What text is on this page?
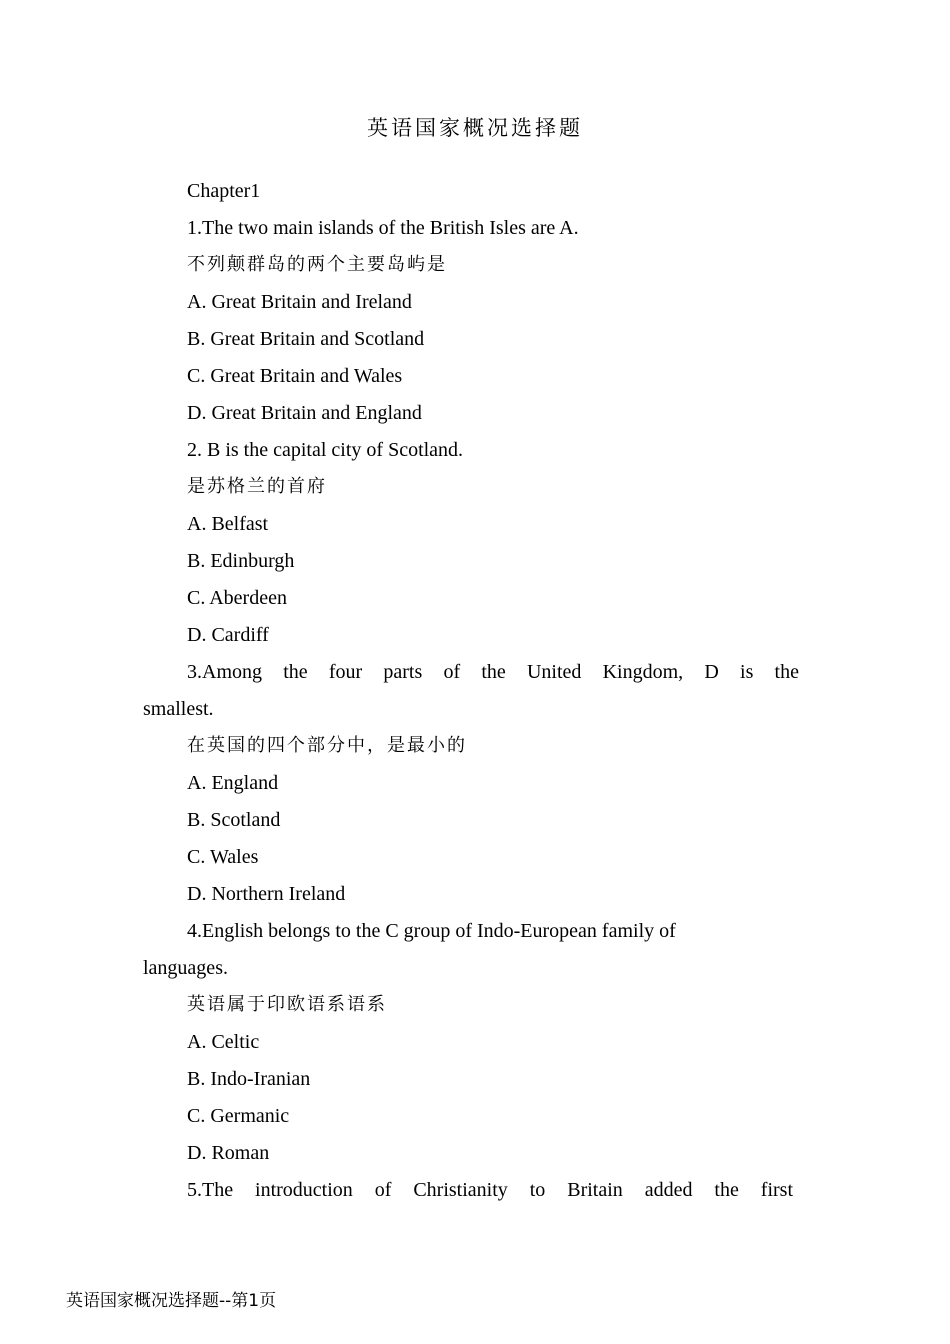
英语国家概况选择题
Chapter1
1.The two main islands of the British Isles are A.
不列颠群岛的两个主要岛屿是
A. Great Britain and Ireland
B. Great Britain and Scotland
C. Great Britain and Wales
D. Great Britain and England
2. B is the capital city of Scotland.
是苏格兰的首府
A. Belfast
B. Edinburgh
C. Aberdeen
D. Cardiff
3.Among the four parts of the United Kingdom, D is the
smallest.
在英国的四个部分中，是最小的
A. England
B. Scotland
C. Wales
D. Northern Ireland
4.English belongs to the C group of Indo-European family of
languages.
英语属于印欧语系语系
A. Celtic
B. Indo-Iranian
C. Germanic
D. Roman
5.The introduction of Christianity to Britain added the first
英语国家概况选择题--第1页
